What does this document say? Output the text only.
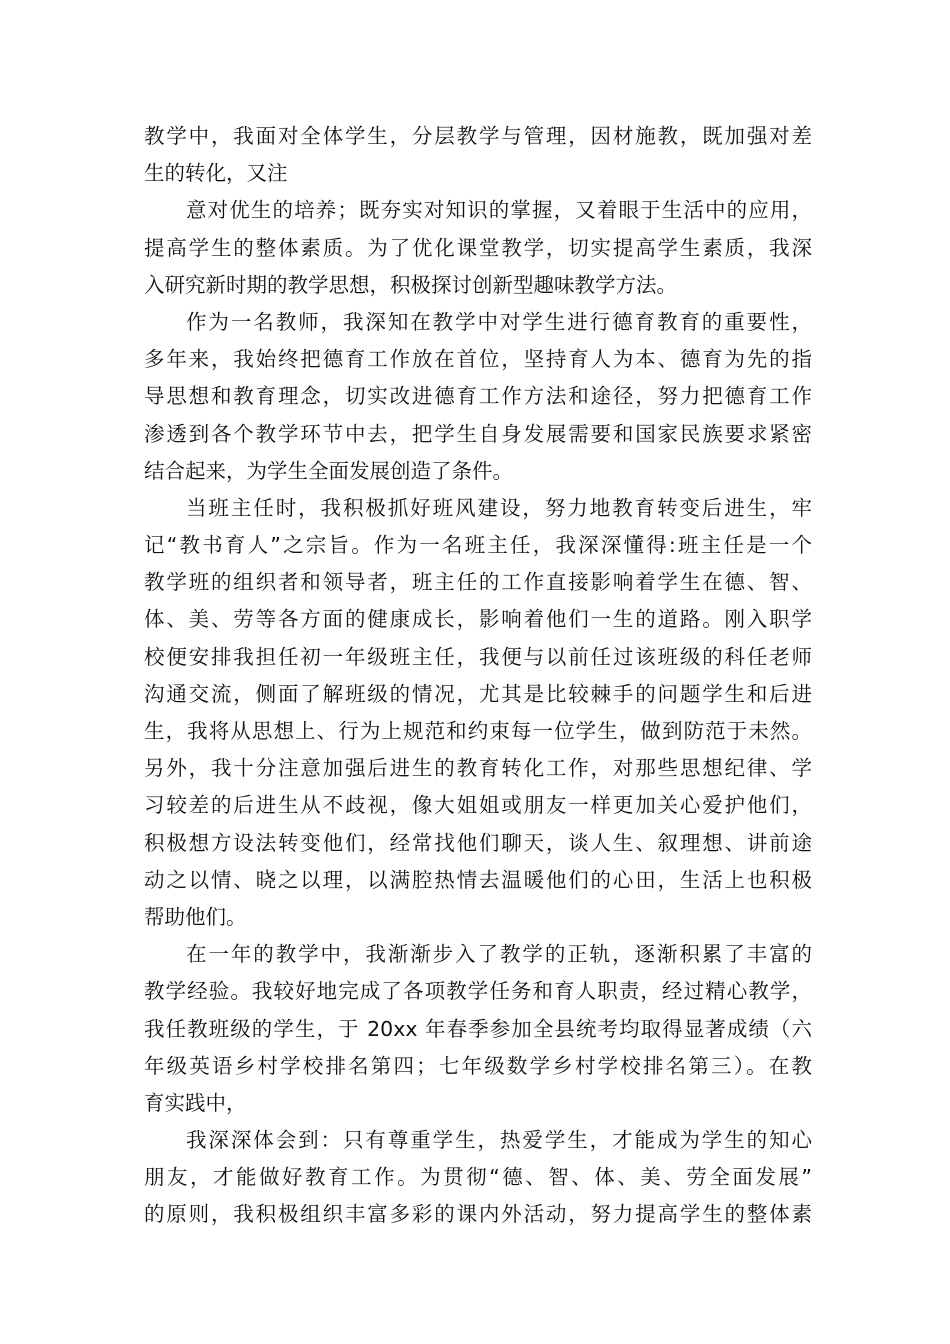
教学中，我面对全体学生，分层教学与管理，因材施教，既加强对差
生的转化，又注
意对优生的培养；既夯实对知识的掌握，又着眼于生活中的应用，
提高学生的整体素质。为了优化课堂教学，切实提高学生素质，我深
入研究新时期的教学思想，积极探讨创新型趣味教学方法。
作为一名教师，我深知在教学中对学生进行德育教育的重要性，
多年来，我始终把德育工作放在首位，坚持育人为本、德育为先的指
导思想和教育理念，切实改进德育工作方法和途径，努力把德育工作
渗透到各个教学环节中去，把学生自身发展需要和国家民族要求紧密
结合起来，为学生全面发展创造了条件。
当班主任时，我积极抓好班风建设，努力地教育转变后进生，牢
记“教书育人”之宗旨。作为一名班主任，我深深懂得:班主任是一个
教学班的组织者和领导者，班主任的工作直接影响着学生在德、智、
体、美、劳等各方面的健康成长，影响着他们一生的道路。刚入职学
校便安排我担任初一年级班主任，我便与以前任过该班级的科任老师
沟通交流，侧面了解班级的情况，尤其是比较棘手的问题学生和后进
生，我将从思想上、行为上规范和约束每一位学生，做到防范于未然。
另外，我十分注意加强后进生的教育转化工作，对那些思想纪律、学
习较差的后进生从不歧视，像大姐姐或朋友一样更加关心爱护他们，
积极想方设法转变他们，经常找他们聊天，谈人生、叙理想、讲前途
动之以情、晓之以理，以满腔热情去温暖他们的心田，生活上也积极
帮助他们。
在一年的教学中，我渐渐步入了教学的正轨，逐渐积累了丰富的
教学经验。我较好地完成了各项教学任务和育人职责，经过精心教学，
我任教班级的学生，于 20xx 年春季参加全县统考均取得显著成绩（六
年级英语乡村学校排名第四；七年级数学乡村学校排名第三）。在教
育实践中，
我深深体会到：只有尊重学生，热爱学生，才能成为学生的知心
朋友，才能做好教育工作。为贯彻“德、智、体、美、劳全面发展”
的原则，我积极组织丰富多彩的课内外活动，努力提高学生的整体素
